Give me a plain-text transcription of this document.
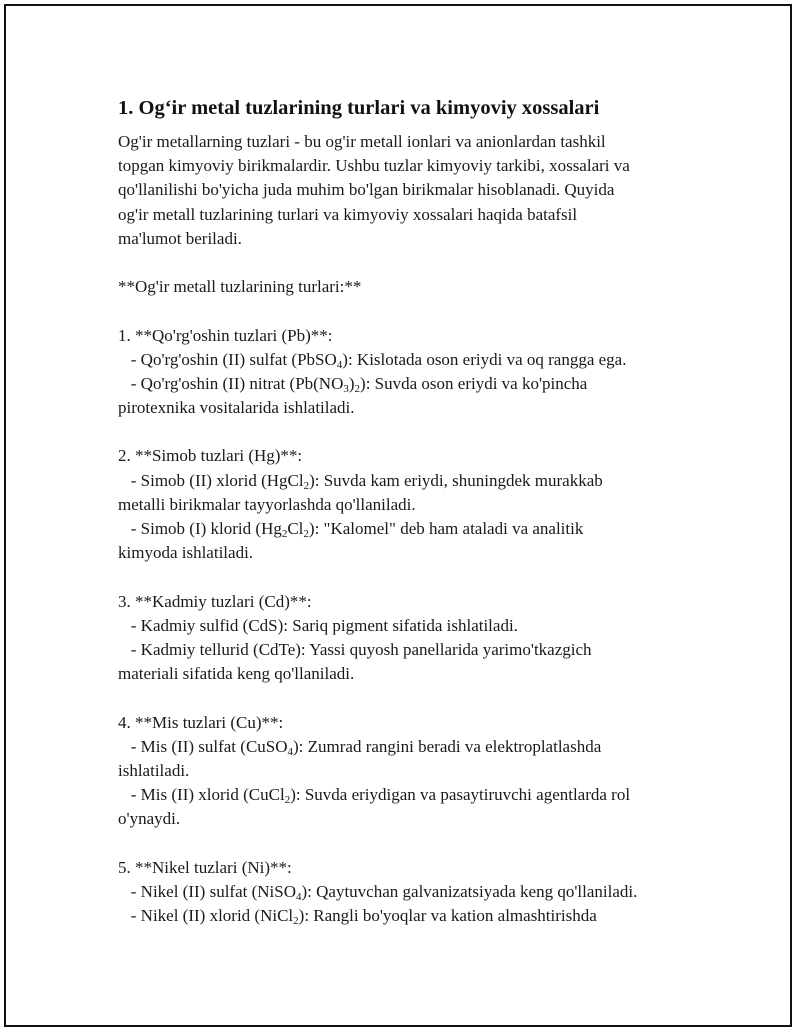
1. Og‘ir metal tuzlarining turlari va kimyoviy xossalari
Og'ir metallarning tuzlari - bu og'ir metall ionlari va anionlardan tashkil
topgan kimyoviy birikmalardir. Ushbu tuzlar kimyoviy tarkibi, xossalari va
qo'llanilishi bo'yicha juda muhim bo'lgan birikmalar hisoblanadi. Quyida
og'ir metall tuzlarining turlari va kimyoviy xossalari haqida batafsil
ma'lumot beriladi.
**Og'ir metall tuzlarining turlari:**
1. **Qo'rg'oshin tuzlari (Pb)**:
- Qo'rg'oshin (II) sulfat (PbSO$_4$): Kislotada oson eriydi va oq rangga ega.
- Qo'rg'oshin (II) nitrat $(Pb(NO_3)_2)$: Suvda oson eriydi va ko'pincha
pirotexnika vositalarida ishlatiladi.
2. **Simob tuzlari (Hg)**:
- Simob (II) xlorid (HgCl$_2$): Suvda kam eriydi, shuningdek murakkab
metalli birikmalar tayyorlashda qo'llaniladi.
- Simob (I) klorid $(Hg_2Cl_2)$: "Kalomel" deb ham ataladi va analitik
kimyoda ishlatiladi.
3. **Kadmiy tuzlari (Cd)**:
- Kadmiy sulfid (CdS): Sariq pigment sifatida ishlatiladi.
- Kadmiy tellurid (CdTe): Yassi quyosh panellarida yarimo'tkazgich
materiali sifatida keng qo'llaniladi.
4. **Mis tuzlari (Cu)**:
- Mis (II) sulfat (CuSO$_4$): Zumrad rangini beradi va elektroplatlashda
ishlatiladi.
- Mis (II) xlorid (CuCl$_2$): Suvda eriydigan va pasaytiruvchi agentlarda rol
o'ynaydi.
5. **Nikel tuzlari (Ni)**:
- Nikel (II) sulfat (NiSO$_4$): Qaytuvchan galvanizatsiyada keng qo'llaniladi.
- Nikel (II) xlorid (NiCl$_2$): Rangli bo'yoqlar va kation almashtirishda
